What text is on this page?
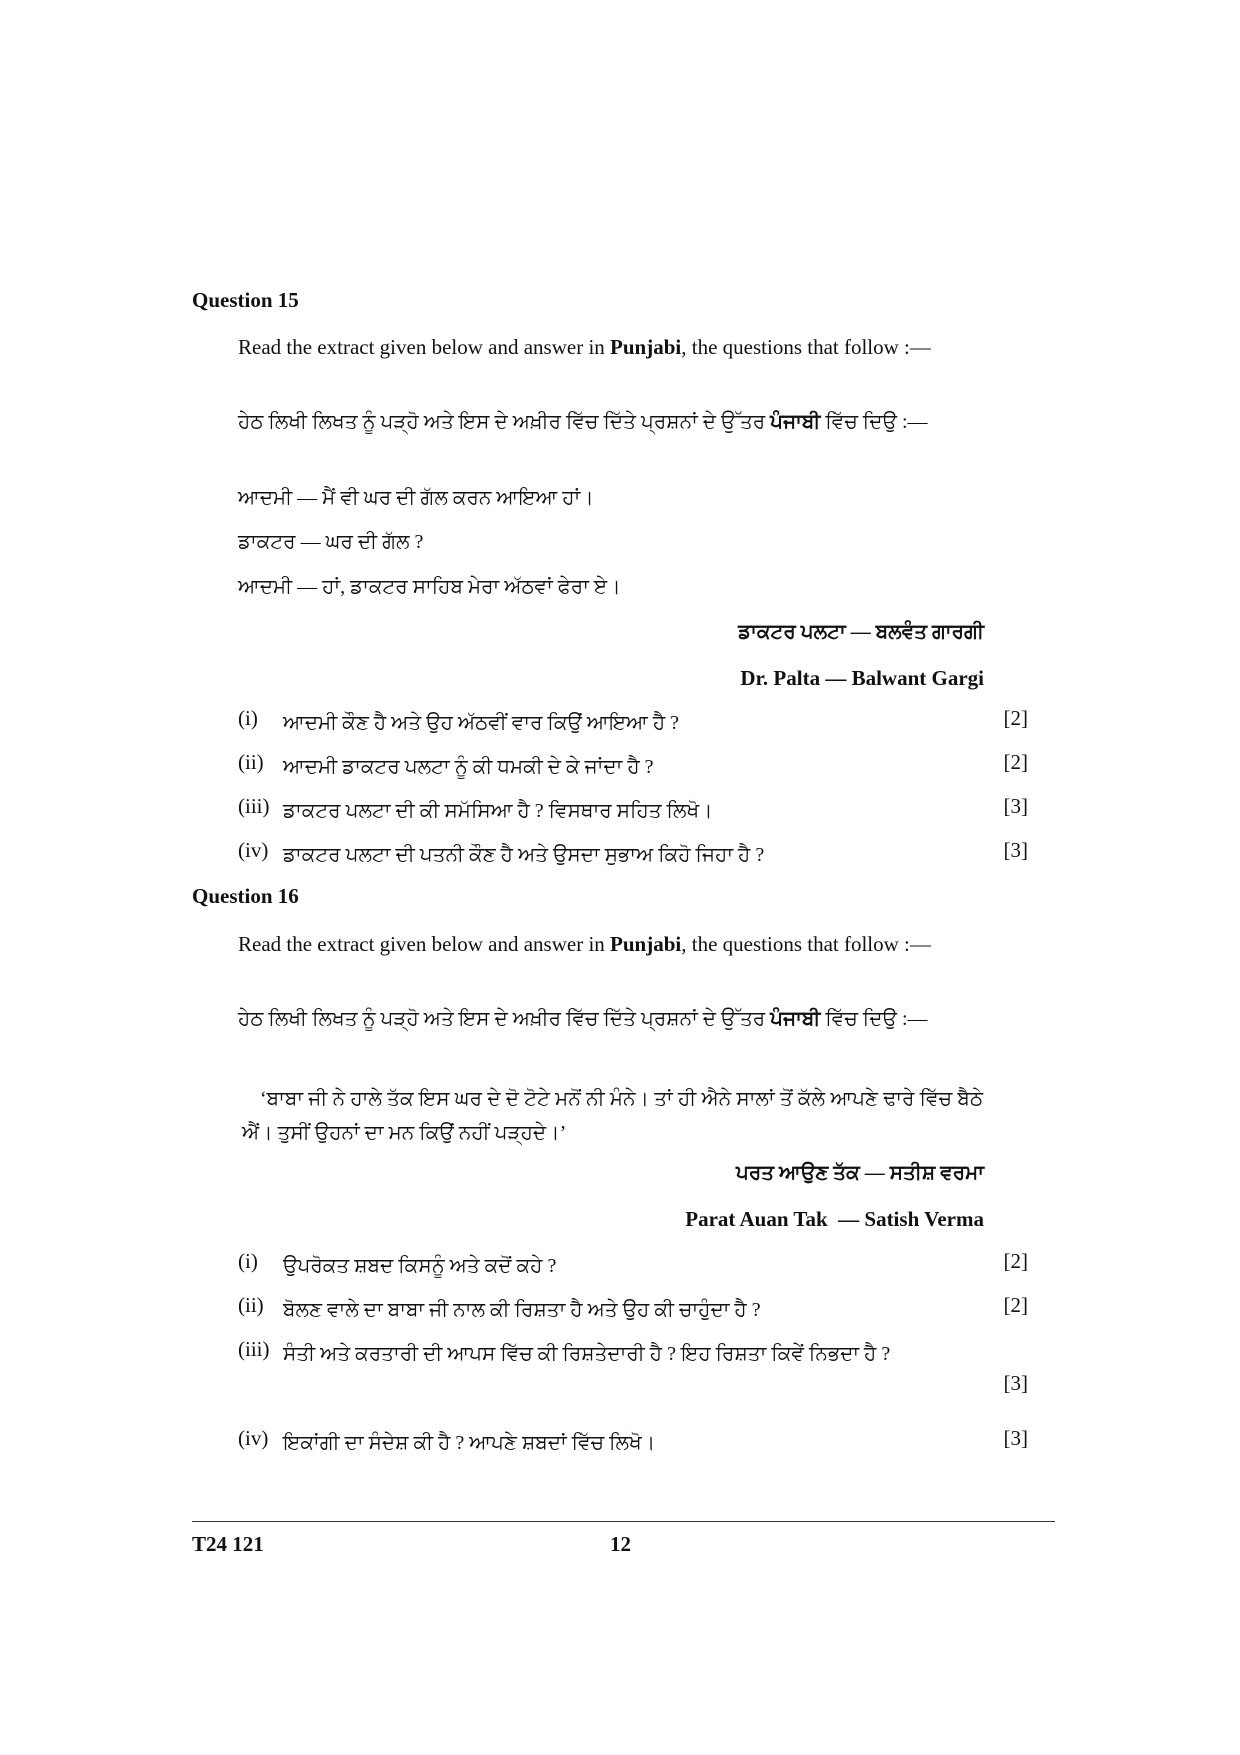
Question 15
Read the extract given below and answer in Punjabi, the questions that follow :—
ਹੇਠ ਲਿਖੀ ਲਿਖਤ ਨੂੰ ਪੜ੍ਹੋ ਅਤੇ ਇਸ ਦੇ ਅਖ਼ੀਰ ਵਿੱਚ ਦਿੱਤੇ ਪ੍ਰਸ਼ਨਾਂ ਦੇ ਉੱਤਰ ਪੰਜਾਬੀ ਵਿੱਚ ਦਿਉ :—
ਆਦਮੀ — ਮੈਂ ਵੀ ਘਰ ਦੀ ਗੱਲ ਕਰਨ ਆਇਆ ਹਾਂ।
ਡਾਕਟਰ — ਘਰ ਦੀ ਗੱਲ ?
ਆਦਮੀ — ਹਾਂ, ਡਾਕਟਰ ਸਾਹਿਬ ਮੇਰਾ ਅੱਠਵਾਂ ਫੇਰਾ ਏ।
ਡਾਕਟਰ ਪਲਟਾ — ਬਲਵੰਤ ਗਾਰਗੀ
Dr. Palta — Balwant Gargi
(i) ਆਦਮੀ ਕੌਣ ਹੈ ਅਤੇ ਉਹ ਅੱਠਵੀਂ ਵਾਰ ਕਿਉਂ ਆਇਆ ਹੈ ?	[2]
(ii) ਆਦਮੀ ਡਾਕਟਰ ਪਲਟਾ ਨੂੰ ਕੀ ਧਮਕੀ ਦੇ ਕੇ ਜਾਂਦਾ ਹੈ ?	[2]
(iii) ਡਾਕਟਰ ਪਲਟਾ ਦੀ ਕੀ ਸਮੱਸਿਆ ਹੈ ? ਵਿਸਥਾਰ ਸਹਿਤ ਲਿਖੋ।	[3]
(iv) ਡਾਕਟਰ ਪਲਟਾ ਦੀ ਪਤਨੀ ਕੌਣ ਹੈ ਅਤੇ ਉਸਦਾ ਸੁਭਾਅ ਕਿਹੋ ਜਿਹਾ ਹੈ ?	[3]
Question 16
Read the extract given below and answer in Punjabi, the questions that follow :—
ਹੇਠ ਲਿਖੀ ਲਿਖਤ ਨੂੰ ਪੜ੍ਹੋ ਅਤੇ ਇਸ ਦੇ ਅਖ਼ੀਰ ਵਿੱਚ ਦਿੱਤੇ ਪ੍ਰਸ਼ਨਾਂ ਦੇ ਉੱਤਰ ਪੰਜਾਬੀ ਵਿੱਚ ਦਿਉ :—
‘ਬਾਬਾ ਜੀ ਨੇ ਹਾਲੇ ਤੱਕ ਇਸ ਘਰ ਦੇ ਦੋ ਟੋਟੇ ਮਨੋਂ ਨੀ ਮੰਨੇ। ਤਾਂ ਹੀ ਐਨੇ ਸਾਲਾਂ ਤੋਂ ਕੱਲੇ ਆਪਣੇ ਢਾਰੇ ਵਿੱਚ ਬੈਠੇ ਐਂ। ਤੁਸੀਂ ਉਹਨਾਂ ਦਾ ਮਨ ਕਿਉਂ ਨਹੀਂ ਪੜ੍ਹਦੇ।’
ਪਰਤ ਆਉਣ ਤੱਕ — ਸਤੀਸ਼ ਵਰਮਾ
Parat Auan Tak  — Satish Verma
(i) ਉਪਰੋਕਤ ਸ਼ਬਦ ਕਿਸਨੂੰ ਅਤੇ ਕਦੋਂ ਕਹੇ ?	[2]
(ii) ਬੋਲਣ ਵਾਲੇ ਦਾ ਬਾਬਾ ਜੀ ਨਾਲ ਕੀ ਰਿਸ਼ਤਾ ਹੈ ਅਤੇ ਉਹ ਕੀ ਚਾਹੁੰਦਾ ਹੈ ?	[2]
(iii) ਸੰਤੀ ਅਤੇ ਕਰਤਾਰੀ ਦੀ ਆਪਸ ਵਿੱਚ ਕੀ ਰਿਸ਼ਤੇਦਾਰੀ ਹੈ ? ਇਹ ਰਿਸ਼ਤਾ ਕਿਵੇਂ ਨਿਭਦਾ ਹੈ ?
[3]
(iv) ਇਕਾਂਗੀ ਦਾ ਸੰਦੇਸ਼ ਕੀ ਹੈ ? ਆਪਣੇ ਸ਼ਬਦਾਂ ਵਿੱਚ ਲਿਖੋ।	[3]
T24 121	12
